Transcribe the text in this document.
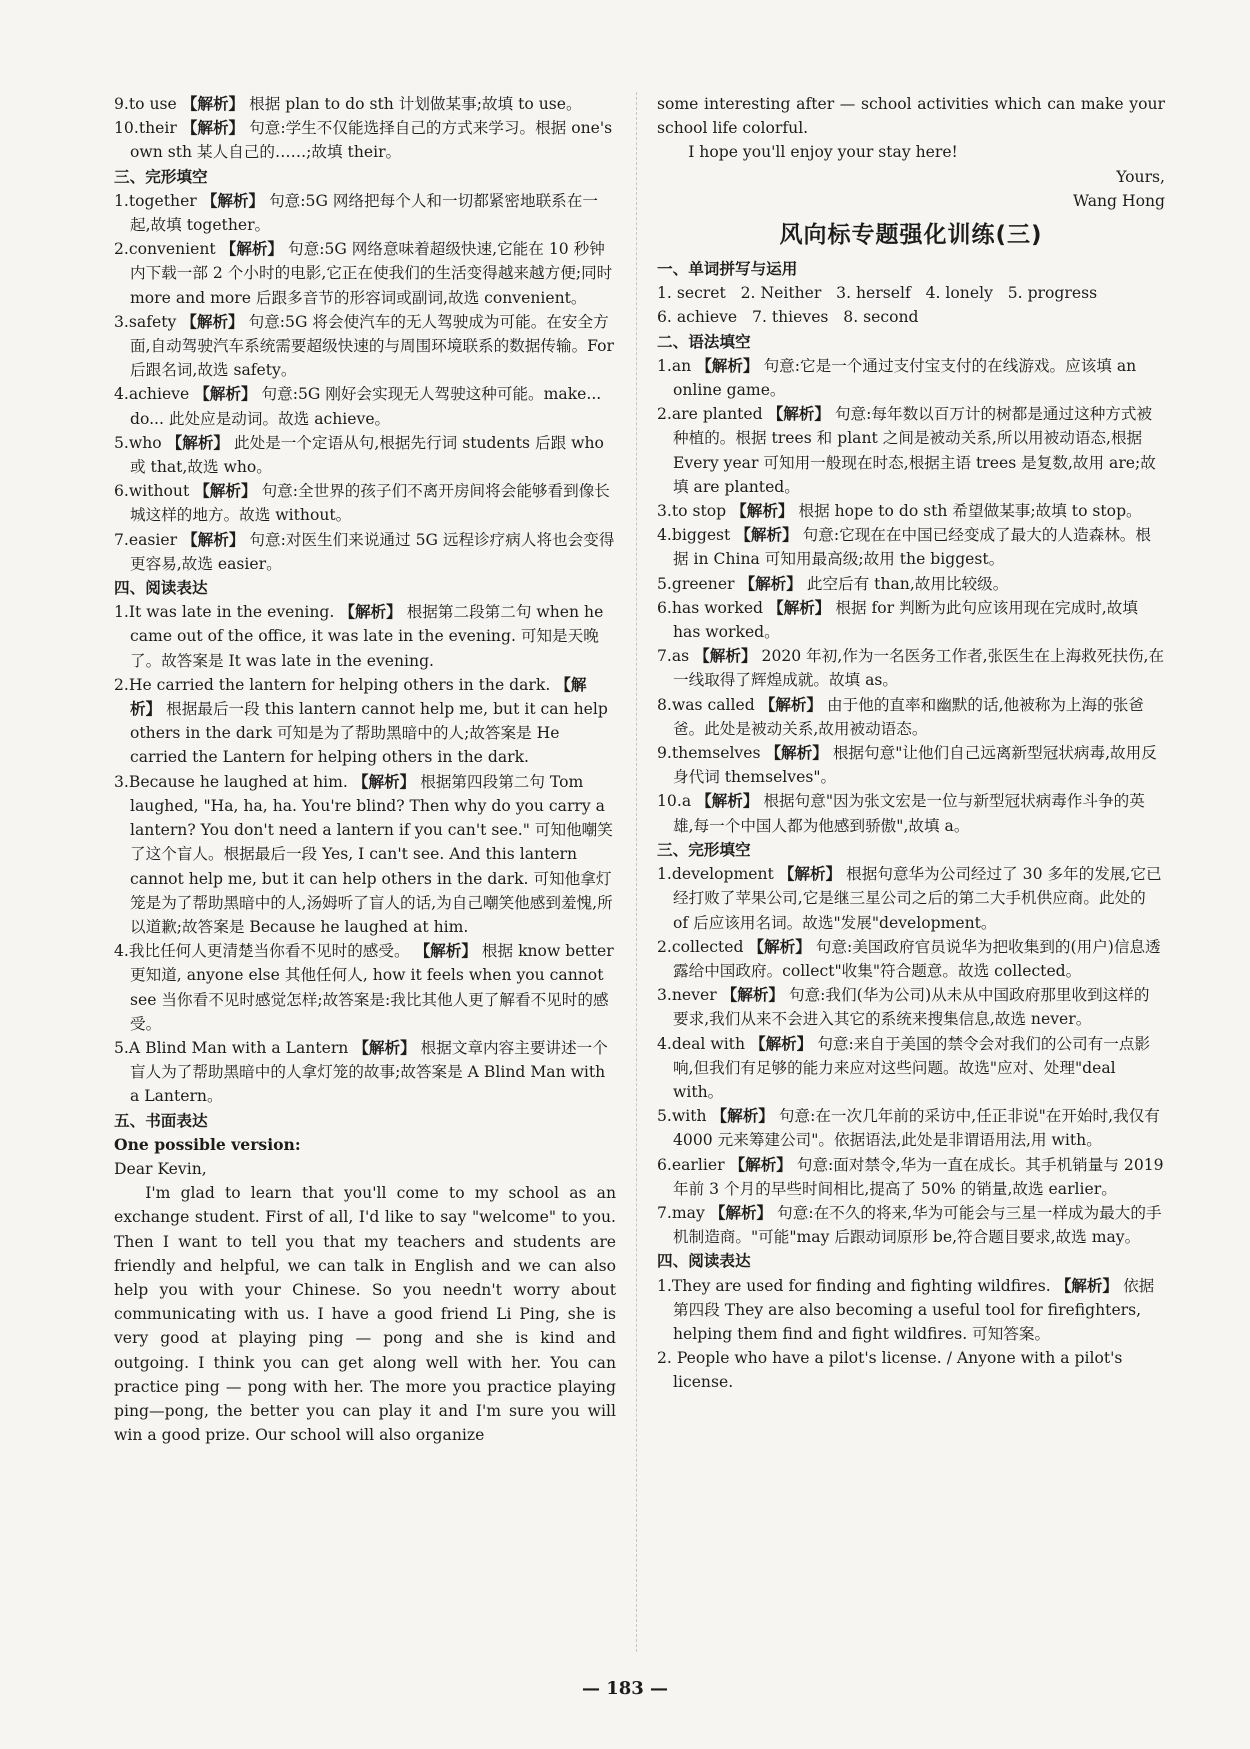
9.to use 【解析】 根据 plan to do sth 计划做某事;故填 to use。

10.their 【解析】 句意:学生不仅能选择自己的方式来学习。根据 one's own sth 某人自己的……;故填 their。

三、完形填空

1.together 【解析】 句意:5G 网络把每个人和一切都紧密地联系在一起,故填 together。

2.convenient 【解析】 句意:5G 网络意味着超级快速,它能在 10 秒钟内下载一部 2 个小时的电影,它正在使我们的生活变得越来越方便;同时 more and more 后跟多音节的形容词或副词,故选 convenient。

3.safety 【解析】 句意:5G 将会使汽车的无人驾驶成为可能。在安全方面,自动驾驶汽车系统需要超级快速的与周围环境联系的数据传输。For 后跟名词,故选 safety。

4.achieve 【解析】 句意:5G 刚好会实现无人驾驶这种可能。make... do... 此处应是动词。故选 achieve。

5.who 【解析】 此处是一个定语从句,根据先行词 students 后跟 who 或 that,故选 who。

6.without 【解析】 句意:全世界的孩子们不离开房间将会能够看到像长城这样的地方。故选 without。

7.easier 【解析】 句意:对医生们来说通过 5G 远程诊疗病人将也会变得更容易,故选 easier。

四、阅读表达

1.It was late in the evening. 【解析】 根据第二段第二句 when he came out of the office, it was late in the evening. 可知是天晚了。故答案是 It was late in the evening.

2.He carried the lantern for helping others in the dark. 【解析】 根据最后一段 this lantern cannot help me, but it can help others in the dark 可知是为了帮助黑暗中的人;故答案是 He carried the Lantern for helping others in the dark.

3.Because he laughed at him. 【解析】 根据第四段第二句 Tom laughed, "Ha, ha, ha. You're blind? Then why do you carry a lantern? You don't need a lantern if you can't see." 可知他嘲笑了这个盲人。根据最后一段 Yes, I can't see. And this lantern cannot help me, but it can help others in the dark. 可知他拿灯笼是为了帮助黑暗中的人,汤姆听了盲人的话,为自己嘲笑他感到羞愧,所以道歉;故答案是 Because he laughed at him.

4.我比任何人更清楚当你看不见时的感受。 【解析】 根据 know better 更知道, anyone else 其他任何人, how it feels when you cannot see 当你看不见时感觉怎样;故答案是:我比其他人更了解看不见时的感受。

5.A Blind Man with a Lantern 【解析】 根据文章内容主要讲述一个盲人为了帮助黑暗中的人拿灯笼的故事;故答案是 A Blind Man with a Lantern。

五、书面表达

One possible version:

Dear Kevin,

I'm glad to learn that you'll come to my school as an exchange student. First of all, I'd like to say "welcome" to you. Then I want to tell you that my teachers and students are friendly and helpful, we can talk in English and we can also help you with your Chinese. So you needn't worry about communicating with us. I have a good friend Li Ping, she is very good at playing ping — pong and she is kind and outgoing. I think you can get along well with her. You can practice ping — pong with her. The more you practice playing ping—pong, the better you can play it and I'm sure you will win a good prize. Our school will also organize

some interesting after — school activities which can make your school life colorful.

I hope you'll enjoy your stay here!

Yours,

Wang Hong

风向标专题强化训练(三)

一、单词拼写与运用

1. secret   2. Neither   3. herself   4. lonely   5. progress

6. achieve   7. thieves   8. second

二、语法填空

1.an 【解析】 句意:它是一个通过支付宝支付的在线游戏。应该填 an online game。

2.are planted 【解析】 句意:每年数以百万计的树都是通过这种方式被种植的。根据 trees 和 plant 之间是被动关系,所以用被动语态,根据 Every year 可知用一般现在时态,根据主语 trees 是复数,故用 are;故填 are planted。

3.to stop 【解析】 根据 hope to do sth 希望做某事;故填 to stop。

4.biggest 【解析】 句意:它现在在中国已经变成了最大的人造森林。根据 in China 可知用最高级;故用 the biggest。

5.greener 【解析】 此空后有 than,故用比较级。

6.has worked 【解析】 根据 for 判断为此句应该用现在完成时,故填 has worked。

7.as 【解析】 2020 年初,作为一名医务工作者,张医生在上海救死扶伤,在一线取得了辉煌成就。故填 as。

8.was called 【解析】 由于他的直率和幽默的话,他被称为上海的张爸爸。此处是被动关系,故用被动语态。

9.themselves 【解析】 根据句意"让他们自己远离新型冠状病毒,故用反身代词 themselves"。

10.a 【解析】 根据句意"因为张文宏是一位与新型冠状病毒作斗争的英雄,每一个中国人都为他感到骄傲",故填 a。

三、完形填空

1.development 【解析】 根据句意华为公司经过了 30 多年的发展,它已经打败了苹果公司,它是继三星公司之后的第二大手机供应商。此处的 of 后应该用名词。故选"发展"development。

2.collected 【解析】 句意:美国政府官员说华为把收集到的(用户)信息透露给中国政府。collect"收集"符合题意。故选 collected。

3.never 【解析】 句意:我们(华为公司)从未从中国政府那里收到这样的要求,我们从来不会进入其它的系统来搜集信息,故选 never。

4.deal with 【解析】 句意:来自于美国的禁令会对我们的公司有一点影响,但我们有足够的能力来应对这些问题。故选"应对、处理"deal with。

5.with 【解析】 句意:在一次几年前的采访中,任正非说"在开始时,我仅有 4000 元来筹建公司"。依据语法,此处是非谓语用法,用 with。

6.earlier 【解析】 句意:面对禁令,华为一直在成长。其手机销量与 2019 年前 3 个月的早些时间相比,提高了 50% 的销量,故选 earlier。

7.may 【解析】 句意:在不久的将来,华为可能会与三星一样成为最大的手机制造商。"可能"may 后跟动词原形 be,符合题目要求,故选 may。

四、阅读表达

1.They are used for finding and fighting wildfires. 【解析】 依据第四段 They are also becoming a useful tool for firefighters, helping them find and fight wildfires. 可知答案。

2. People who have a pilot's license. / Anyone with a pilot's license.

— 183 —
